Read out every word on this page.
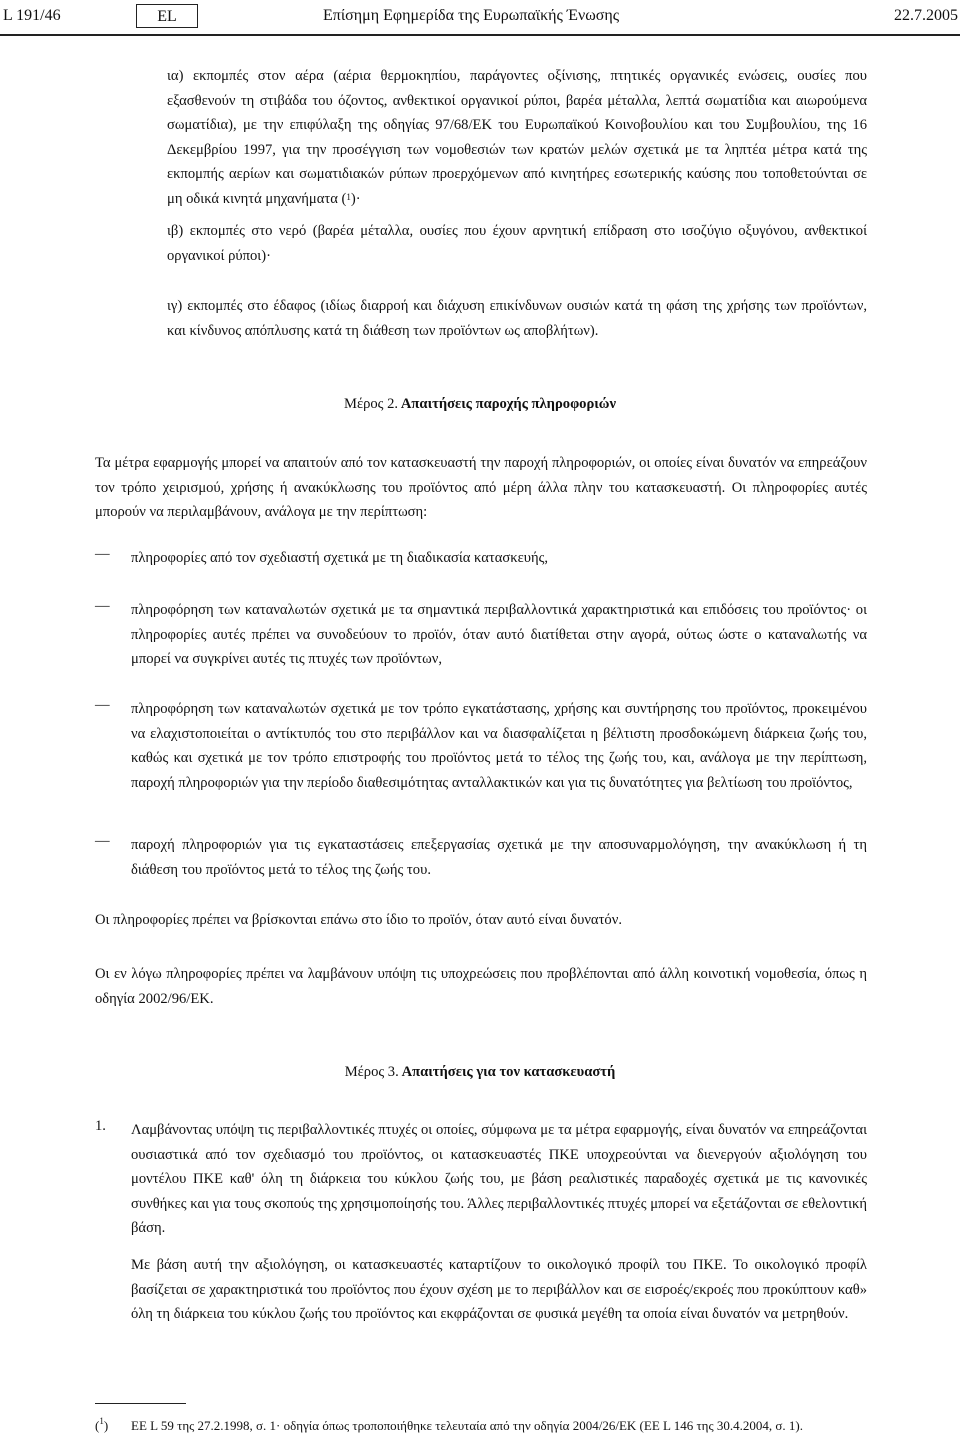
L 191/46	EL	Επίσημη Εφημερίδα της Ευρωπαϊκής Ένωσης	22.7.2005

ια) εκπομπές στον αέρα (αέρια θερμοκηπίου, παράγοντες οξίνισης, πτητικές οργανικές ενώσεις, ουσίες που εξασθενούν τη στιβάδα του όζοντος, ανθεκτικοί οργανικοί ρύποι, βαρέα μέταλλα, λεπτά σωματίδια και αιωρούμενα σωματίδια), με την επιφύλαξη της οδηγίας 97/68/ΕΚ του Ευρωπαϊκού Κοινοβουλίου και του Συμβουλίου, της 16 Δεκεμβρίου 1997, για την προσέγγιση των νομοθεσιών των κρατών μελών σχετικά με τα ληπτέα μέτρα κατά της εκπομπής αερίων και σωματιδιακών ρύπων προερχόμενων από κινητήρες εσωτερικής καύσης που τοποθετούνται σε μη οδικά κινητά μηχανήματα ($^1$)·

ιβ) εκπομπές στο νερό (βαρέα μέταλλα, ουσίες που έχουν αρνητική επίδραση στο ισοζύγιο οξυγόνου, ανθεκτικοί οργανικοί ρύποι)·

ιγ) εκπομπές στο έδαφος (ιδίως διαρροή και διάχυση επικίνδυνων ουσιών κατά τη φάση της χρήσης των προϊόντων, και κίνδυνος απόπλυσης κατά τη διάθεση των προϊόντων ως αποβλήτων).

Μέρος 2. Απαιτήσεις παροχής πληροφοριών

Τα μέτρα εφαρμογής μπορεί να απαιτούν από τον κατασκευαστή την παροχή πληροφοριών, οι οποίες είναι δυνατόν να επηρεάζουν τον τρόπο χειρισμού, χρήσης ή ανακύκλωσης του προϊόντος από μέρη άλλα πλην του κατασκευαστή. Οι πληροφορίες αυτές μπορούν να περιλαμβάνουν, ανάλογα με την περίπτωση:

— πληροφορίες από τον σχεδιαστή σχετικά με τη διαδικασία κατασκευής,

— πληροφόρηση των καταναλωτών σχετικά με τα σημαντικά περιβαλλοντικά χαρακτηριστικά και επιδόσεις του προϊόντος· οι πληροφορίες αυτές πρέπει να συνοδεύουν το προϊόν, όταν αυτό διατίθεται στην αγορά, ούτως ώστε ο καταναλωτής να μπορεί να συγκρίνει αυτές τις πτυχές των προϊόντων,

— πληροφόρηση των καταναλωτών σχετικά με τον τρόπο εγκατάστασης, χρήσης και συντήρησης του προϊόντος, προκειμένου να ελαχιστοποιείται ο αντίκτυπός του στο περιβάλλον και να διασφαλίζεται η βέλτιστη προσδοκώμενη διάρκεια ζωής του, καθώς και σχετικά με τον τρόπο επιστροφής του προϊόντος μετά το τέλος της ζωής του, και, ανάλογα με την περίπτωση, παροχή πληροφοριών για την περίοδο διαθεσιμότητας ανταλλακτικών και για τις δυνατότητες για βελτίωση του προϊόντος,

— παροχή πληροφοριών για τις εγκαταστάσεις επεξεργασίας σχετικά με την αποσυναρμολόγηση, την ανακύκλωση ή τη διάθεση του προϊόντος μετά το τέλος της ζωής του.

Οι πληροφορίες πρέπει να βρίσκονται επάνω στο ίδιο το προϊόν, όταν αυτό είναι δυνατόν.

Οι εν λόγω πληροφορίες πρέπει να λαμβάνουν υπόψη τις υποχρεώσεις που προβλέπονται από άλλη κοινοτική νομοθεσία, όπως η οδηγία 2002/96/ΕΚ.

Μέρος 3. Απαιτήσεις για τον κατασκευαστή
1. Λαμβάνοντας υπόψη τις περιβαλλοντικές πτυχές οι οποίες, σύμφωνα με τα μέτρα εφαρμογής, είναι δυνατόν να επηρεάζονται ουσιαστικά από τον σχεδιασμό του προϊόντος, οι κατασκευαστές ΠΚΕ υποχρεούνται να διενεργούν αξιολόγηση του μοντέλου ΠΚΕ καθ' όλη τη διάρκεια του κύκλου ζωής του, με βάση ρεαλιστικές παραδοχές σχετικά με τις κανονικές συνθήκες και για τους σκοπούς της χρησιμοποίησής του. Άλλες περιβαλλοντικές πτυχές μπορεί να εξετάζονται σε εθελοντική βάση.

Με βάση αυτή την αξιολόγηση, οι κατασκευαστές καταρτίζουν το οικολογικό προφίλ του ΠΚΕ. Το οικολογικό προφίλ βασίζεται σε χαρακτηριστικά του προϊόντος που έχουν σχέση με το περιβάλλον και σε εισροές/εκροές που προκύπτουν καθ» όλη τη διάρκεια του κύκλου ζωής του προϊόντος και εκφράζονται σε φυσικά μεγέθη τα οποία είναι δυνατόν να μετρηθούν.

($^1$) ΕΕ L 59 της 27.2.1998, σ. 1· οδηγία όπως τροποποιήθηκε τελευταία από την οδηγία 2004/26/ΕΚ (ΕΕ L 146 της 30.4.2004, σ. 1).
